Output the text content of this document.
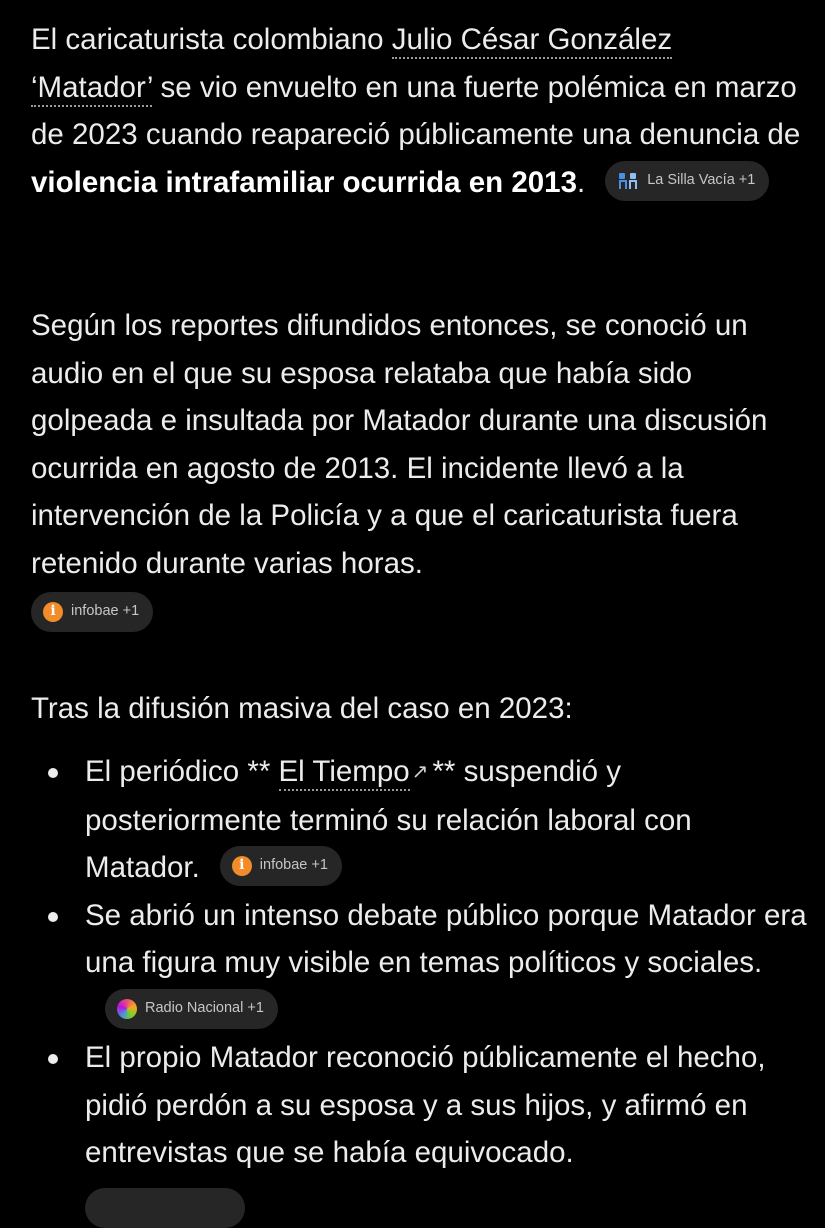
El caricaturista colombiano Julio César González ‘Matador’ se vio envuelto en una fuerte polémica en marzo de 2023 cuando reapareció públicamente una denuncia de violencia intrafamiliar ocurrida en 2013.	La Silla Vacía +1

Según los reportes difundidos entonces, se conoció un audio en el que su esposa relataba que había sido golpeada e insultada por Matador durante una discusión ocurrida en agosto de 2013. El incidente llevó a la intervención de la Policía y a que el caricaturista fuera retenido durante varias horas.

i	infobae +1

Tras la difusión masiva del caso en 2023:

El periódico ** El Tiempo ↗ ** suspendió y posteriormente terminó su relación laboral con Matador.	i	infobae +1
Se abrió un intenso debate público porque Matador era una figura muy visible en temas políticos y sociales.
Radio Nacional +1
El propio Matador reconoció públicamente el hecho, pidió perdón a su esposa y a sus hijos, y afirmó en entrevistas que se había equivocado.
